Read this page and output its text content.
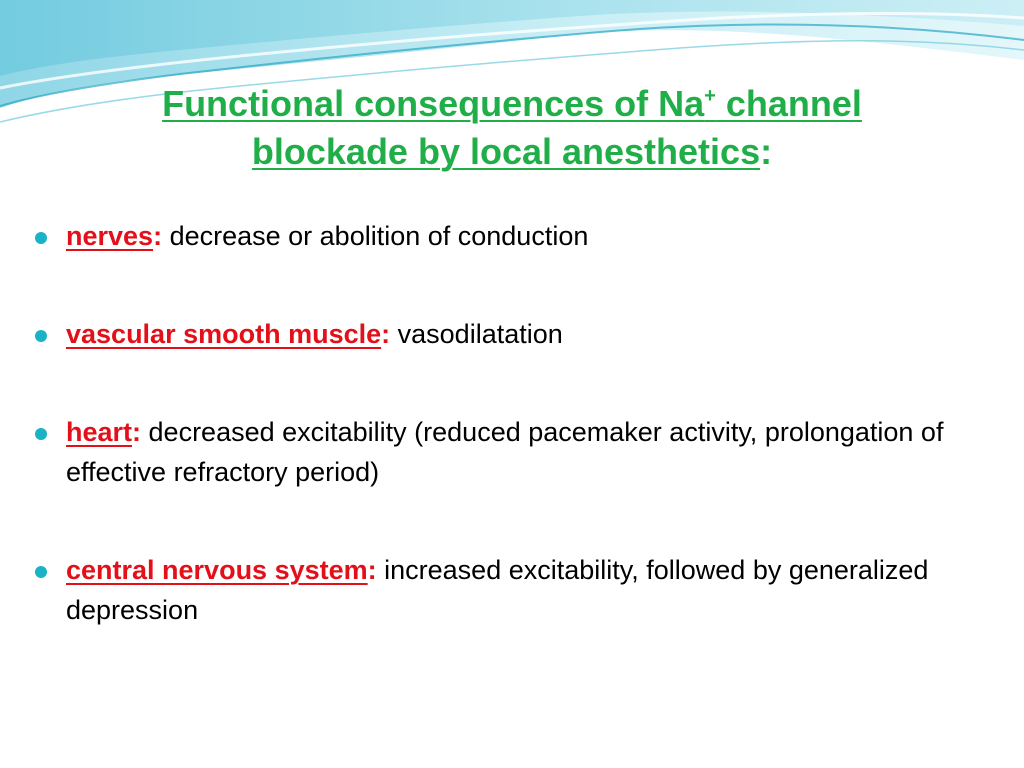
Functional consequences of Na+ channel
blockade by local anesthetics:
nerves: decrease or abolition of conduction
vascular smooth muscle: vasodilatation
heart: decreased excitability (reduced pacemaker activity, prolongation of effective refractory period)
central nervous system: increased excitability, followed by generalized depression
